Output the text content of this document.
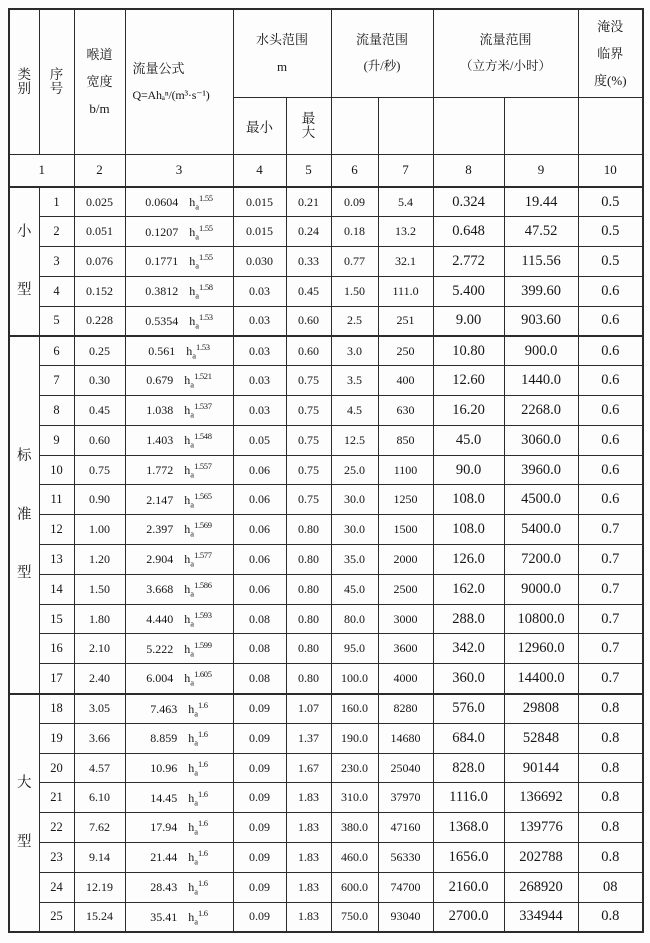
类
别

序
号

喉道
宽度
b/m

流量公式
Q=Ahₐⁿ/(m³·s⁻¹)

水头范围
m

流量范围
(升/秒)

流量范围
（立方米/小时）

淹没
临界
度(%)

				最小	最
大					

1		2	3	4	5	6	7	8	9	10

小
型	1	0.025	0.0604 $h_a^{1.55}$	0.015	0.21	0.09	5.4	0.324	19.44	0.5
	2	0.051	0.1207 $h_a^{1.55}$	0.015	0.24	0.18	13.2	0.648	47.52	0.5
	3	0.076	0.1771 $h_a^{1.55}$	0.030	0.33	0.77	32.1	2.772	115.56	0.5
	4	0.152	0.3812 $h_a^{1.58}$	0.03	0.45	1.50	111.0	5.400	399.60	0.6
	5	0.228	0.5354 $h_a^{1.53}$	0.03	0.60	2.5	251	9.00	903.60	0.6

标
准
型	6	0.25	0.561 $h_a^{1.53}$	0.03	0.60	3.0	250	10.80	900.0	0.6
	7	0.30	0.679 $h_a^{1.521}$	0.03	0.75	3.5	400	12.60	1440.0	0.6
	8	0.45	1.038 $h_a^{1.537}$	0.03	0.75	4.5	630	16.20	2268.0	0.6
	9	0.60	1.403 $h_a^{1.548}$	0.05	0.75	12.5	850	45.0	3060.0	0.6
	10	0.75	1.772 $h_a^{1.557}$	0.06	0.75	25.0	1100	90.0	3960.0	0.6
	11	0.90	2.147 $h_a^{1.565}$	0.06	0.75	30.0	1250	108.0	4500.0	0.6
	12	1.00	2.397 $h_a^{1.569}$	0.06	0.80	30.0	1500	108.0	5400.0	0.7
	13	1.20	2.904 $h_a^{1.577}$	0.06	0.80	35.0	2000	126.0	7200.0	0.7
	14	1.50	3.668 $h_a^{1.586}$	0.06	0.80	45.0	2500	162.0	9000.0	0.7
	15	1.80	4.440 $h_a^{1.593}$	0.08	0.80	80.0	3000	288.0	10800.0	0.7
	16	2.10	5.222 $h_a^{1.599}$	0.08	0.80	95.0	3600	342.0	12960.0	0.7
	17	2.40	6.004 $h_a^{1.605}$	0.08	0.80	100.0	4000	360.0	14400.0	0.7

大
型	18	3.05	7.463 $h_a^{1.6}$	0.09	1.07	160.0	8280	576.0	29808	0.8
	19	3.66	8.859 $h_a^{1.6}$	0.09	1.37	190.0	14680	684.0	52848	0.8
	20	4.57	10.96 $h_a^{1.6}$	0.09	1.67	230.0	25040	828.0	90144	0.8
	21	6.10	14.45 $h_a^{1.6}$	0.09	1.83	310.0	37970	1116.0	136692	0.8
	22	7.62	17.94 $h_a^{1.6}$	0.09	1.83	380.0	47160	1368.0	139776	0.8
	23	9.14	21.44 $h_a^{1.6}$	0.09	1.83	460.0	56330	1656.0	202788	0.8
	24	12.19	28.43 $h_a^{1.6}$	0.09	1.83	600.0	74700	2160.0	268920	08
	25	15.24	35.41 $h_a^{1.6}$	0.09	1.83	750.0	93040	2700.0	334944	0.8
